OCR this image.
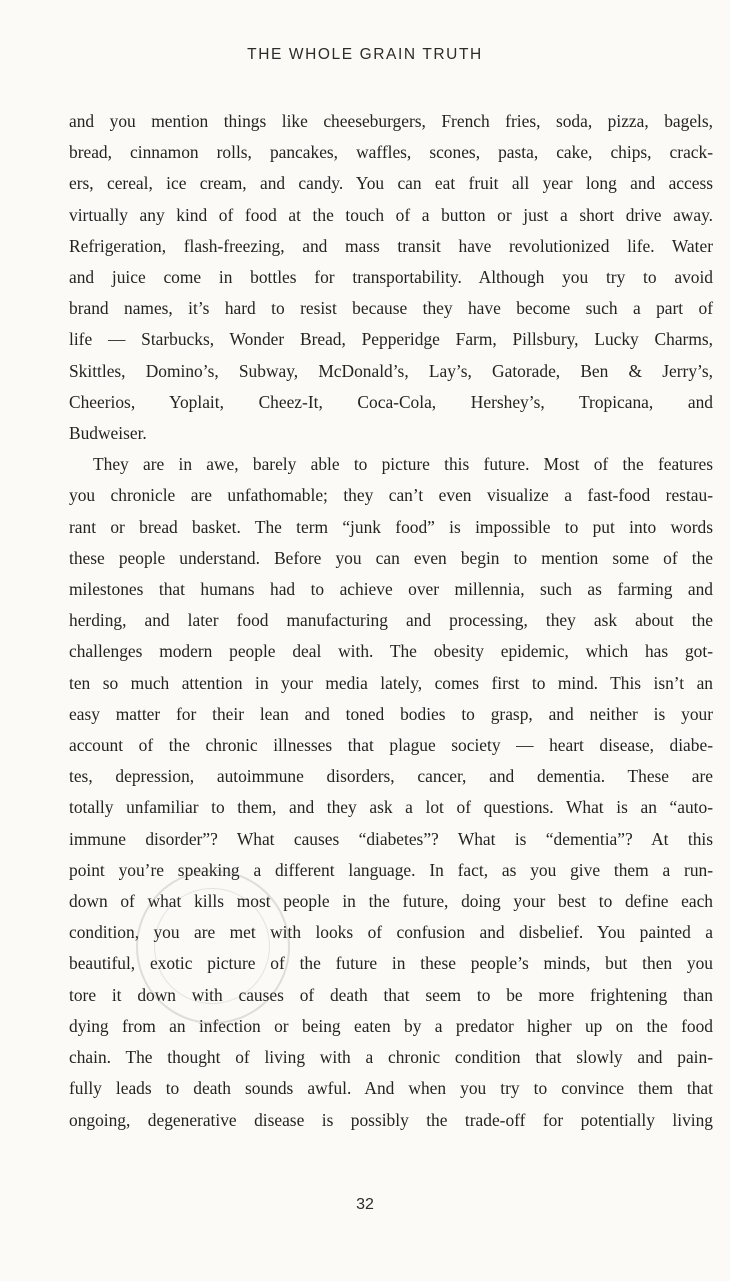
THE WHOLE GRAIN TRUTH

and you mention things like cheeseburgers, French fries, soda, pizza, bagels,
bread, cinnamon rolls, pancakes, waffles, scones, pasta, cake, chips, crack-
ers, cereal, ice cream, and candy. You can eat fruit all year long and access
virtually any kind of food at the touch of a button or just a short drive away.
Refrigeration, flash-freezing, and mass transit have revolutionized life. Water
and juice come in bottles for transportability. Although you try to avoid
brand names, it’s hard to resist because they have become such a part of
life — Starbucks, Wonder Bread, Pepperidge Farm, Pillsbury, Lucky Charms,
Skittles, Domino’s, Subway, McDonald’s, Lay’s, Gatorade, Ben & Jerry’s,
Cheerios, Yoplait, Cheez-It, Coca-Cola, Hershey’s, Tropicana, and
Budweiser.

They are in awe, barely able to picture this future. Most of the features
you chronicle are unfathomable; they can’t even visualize a fast-food restau-
rant or bread basket. The term “junk food” is impossible to put into words
these people understand. Before you can even begin to mention some of the
milestones that humans had to achieve over millennia, such as farming and
herding, and later food manufacturing and processing, they ask about the
challenges modern people deal with. The obesity epidemic, which has got-
ten so much attention in your media lately, comes first to mind. This isn’t an
easy matter for their lean and toned bodies to grasp, and neither is your
account of the chronic illnesses that plague society — heart disease, diabe-
tes, depression, autoimmune disorders, cancer, and dementia. These are
totally unfamiliar to them, and they ask a lot of questions. What is an “auto-
immune disorder”? What causes “diabetes”? What is “dementia”? At this
point you’re speaking a different language. In fact, as you give them a run-
down of what kills most people in the future, doing your best to define each
condition, you are met with looks of confusion and disbelief. You painted a
beautiful, exotic picture of the future in these people’s minds, but then you
tore it down with causes of death that seem to be more frightening than
dying from an infection or being eaten by a predator higher up on the food
chain. The thought of living with a chronic condition that slowly and pain-
fully leads to death sounds awful. And when you try to convince them that
ongoing, degenerative disease is possibly the trade-off for potentially living

32
